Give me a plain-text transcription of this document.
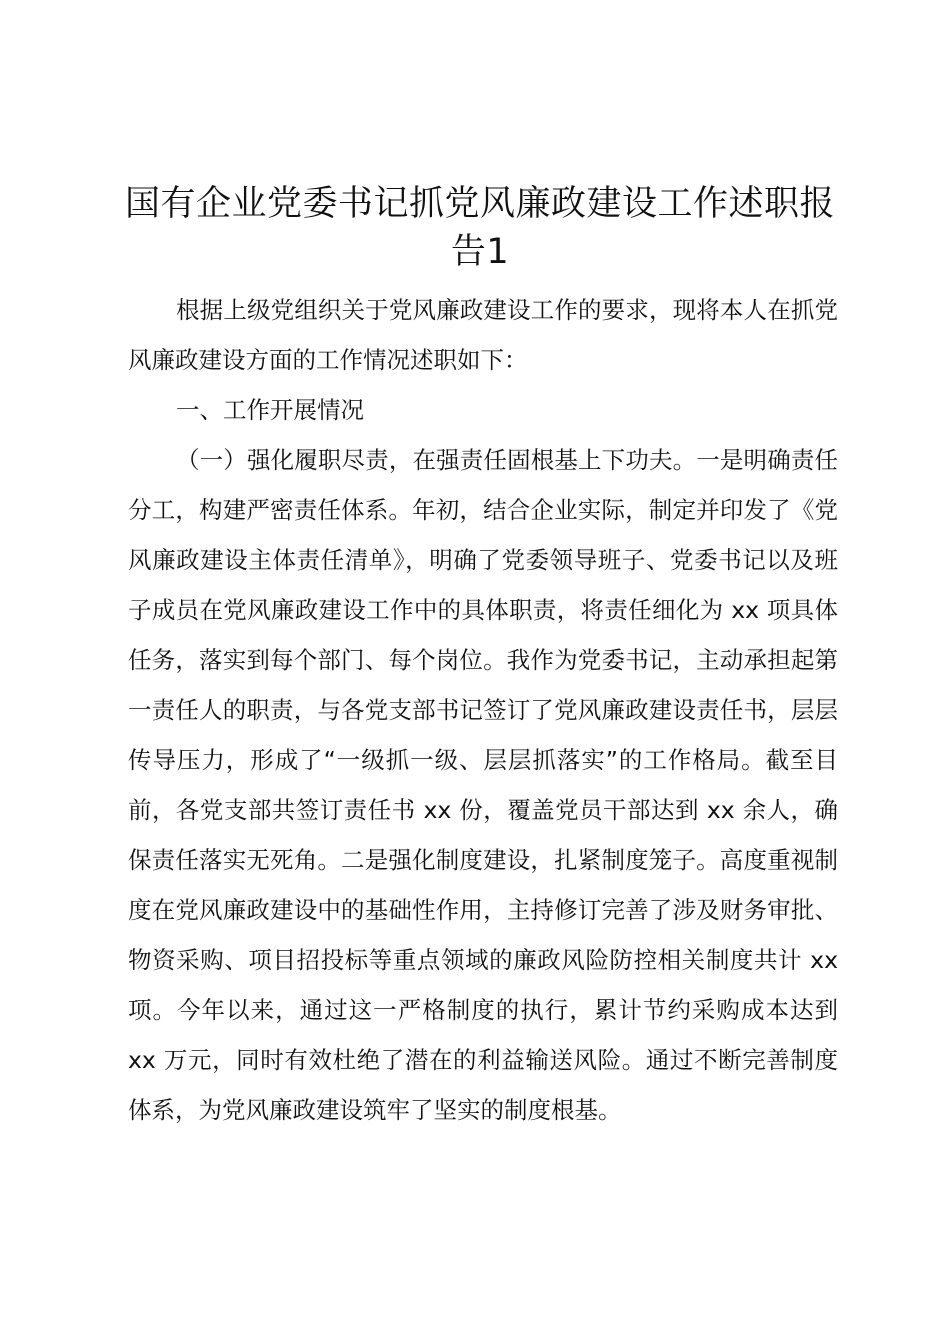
国有企业党委书记抓党风廉政建设工作述职报告1

根据上级党组织关于党风廉政建设工作的要求，现将本人在抓党风廉政建设方面的工作情况述职如下：

一、工作开展情况

（一）强化履职尽责，在强责任固根基上下功夫。一是明确责任分工，构建严密责任体系。年初，结合企业实际，制定并印发了《党风廉政建设主体责任清单》，明确了党委领导班子、党委书记以及班子成员在党风廉政建设工作中的具体职责，将责任细化为 xx 项具体任务，落实到每个部门、每个岗位。我作为党委书记，主动承担起第一责任人的职责，与各党支部书记签订了党风廉政建设责任书，层层传导压力，形成了“一级抓一级、层层抓落实”的工作格局。截至目前，各党支部共签订责任书 xx 份，覆盖党员干部达到 xx 余人，确保责任落实无死角。二是强化制度建设，扎紧制度笼子。高度重视制度在党风廉政建设中的基础性作用，主持修订完善了涉及财务审批、物资采购、项目招投标等重点领域的廉政风险防控相关制度共计 xx 项。今年以来，通过这一严格制度的执行，累计节约采购成本达到 xx 万元，同时有效杜绝了潜在的利益输送风险。通过不断完善制度体系，为党风廉政建设筑牢了坚实的制度根基。
